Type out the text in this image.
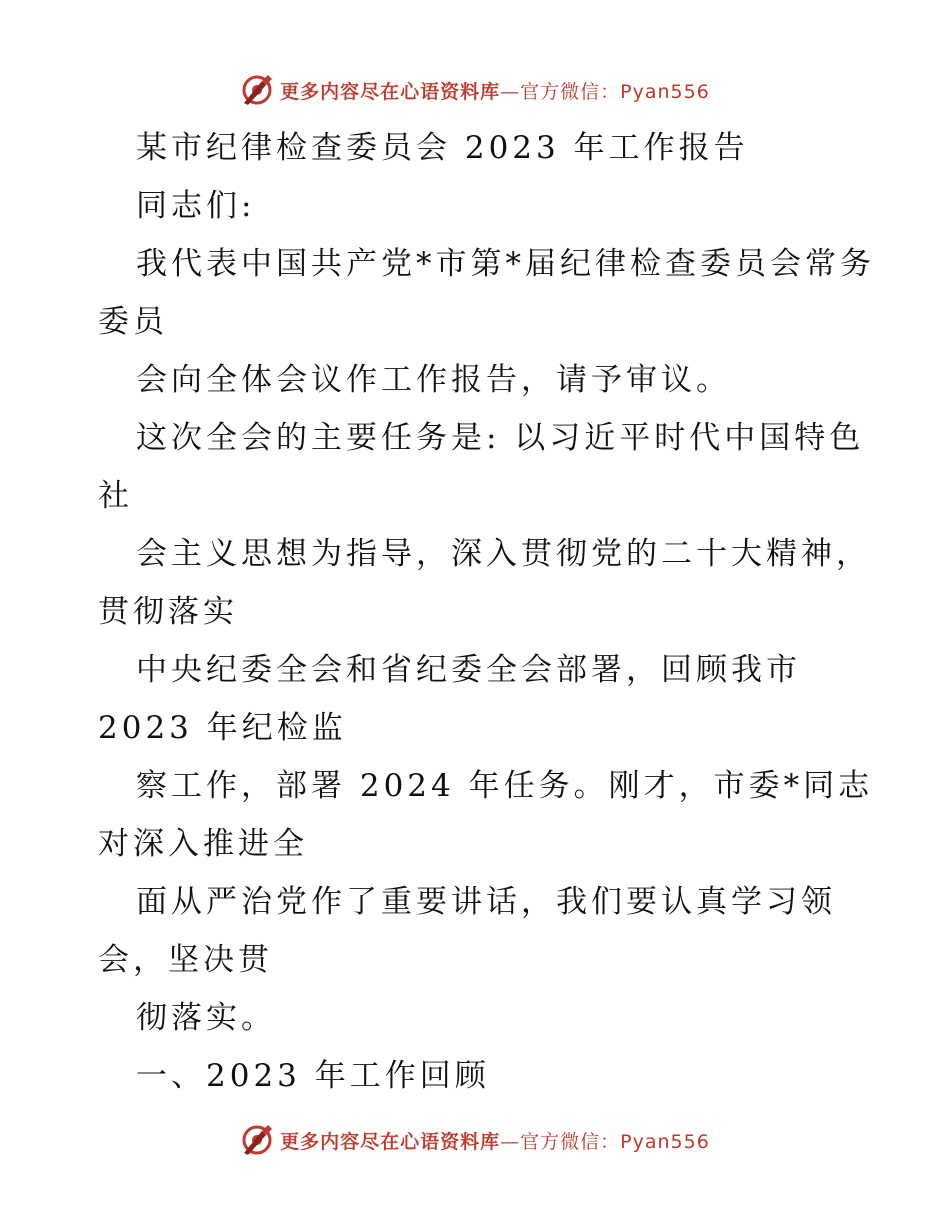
更多内容尽在心语资料库—官方微信：Pyan556
某市纪律检查委员会 2023 年工作报告
同志们:
我代表中国共产党*市第*届纪律检查委员会常务
委员
会向全体会议作工作报告，请予审议。
这次全会的主要任务是: 以习近平时代中国特色
社
会主义思想为指导，深入贯彻党的二十大精神，
贯彻落实
中央纪委全会和省纪委全会部署，回顾我市
2023 年纪检监
察工作，部署 2024 年任务。刚才，市委*同志
对深入推进全
面从严治党作了重要讲话，我们要认真学习领
会，坚决贯
彻落实。
一、2023 年工作回顾
更多内容尽在心语资料库—官方微信：Pyan556
